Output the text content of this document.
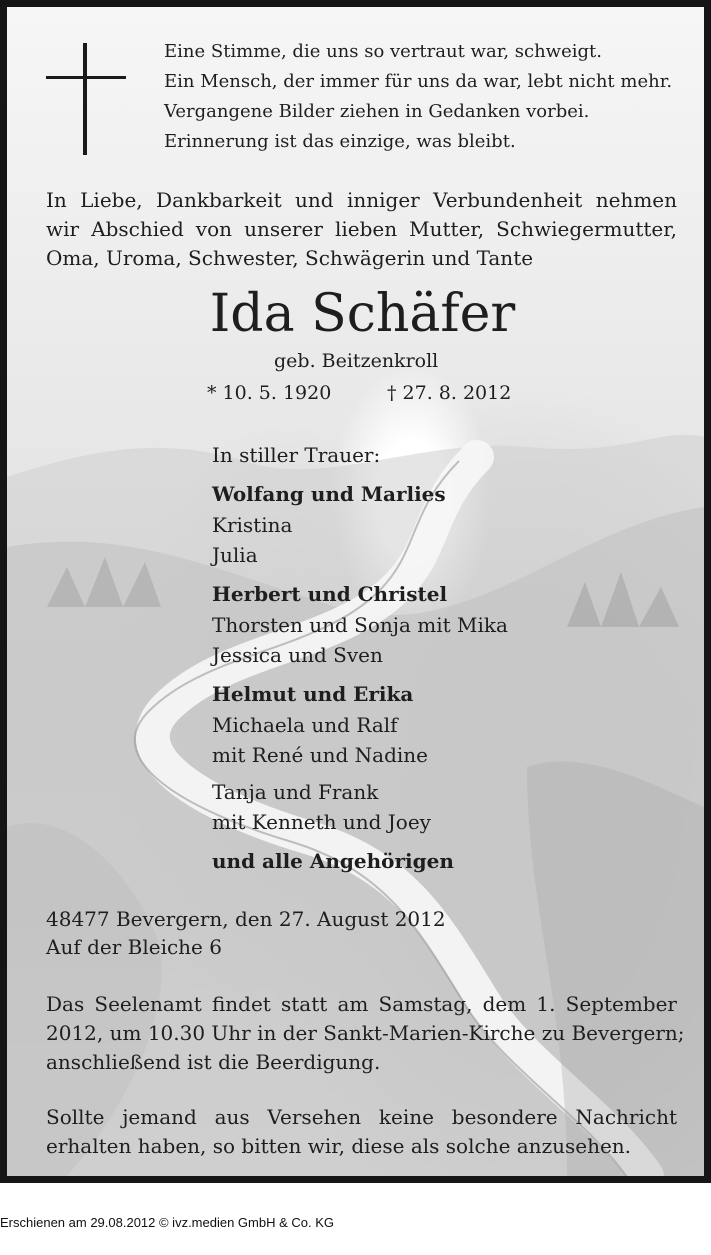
Eine Stimme, die uns so vertraut war, schweigt.
Ein Mensch, der immer für uns da war, lebt nicht mehr.
Vergangene Bilder ziehen in Gedanken vorbei.
Erinnerung ist das einzige, was bleibt.
In Liebe, Dankbarkeit und inniger Verbundenheit nehmen
wir Abschied von unserer lieben Mutter, Schwiegermutter,
Oma, Uroma, Schwester, Schwägerin und Tante
Ida Schäfer
geb. Beitzenkroll
* 10. 5. 1920	† 27. 8. 2012
In stiller Trauer:
Wolfang und Marlies
Kristina
Julia
Herbert und Christel
Thorsten und Sonja mit Mika
Jessica und Sven
Helmut und Erika
Michaela und Ralf
mit René und Nadine
Tanja und Frank
mit Kenneth und Joey
und alle Angehörigen
48477 Bevergern, den 27. August 2012
Auf der Bleiche 6
Das Seelenamt findet statt am Samstag, dem 1. September
2012, um 10.30 Uhr in der Sankt-Marien-Kirche zu Bevergern;
anschließend ist die Beerdigung.
Sollte jemand aus Versehen keine besondere Nachricht
erhalten haben, so bitten wir, diese als solche anzusehen.
Erschienen am 29.08.2012 © ivz.medien GmbH & Co. KG
